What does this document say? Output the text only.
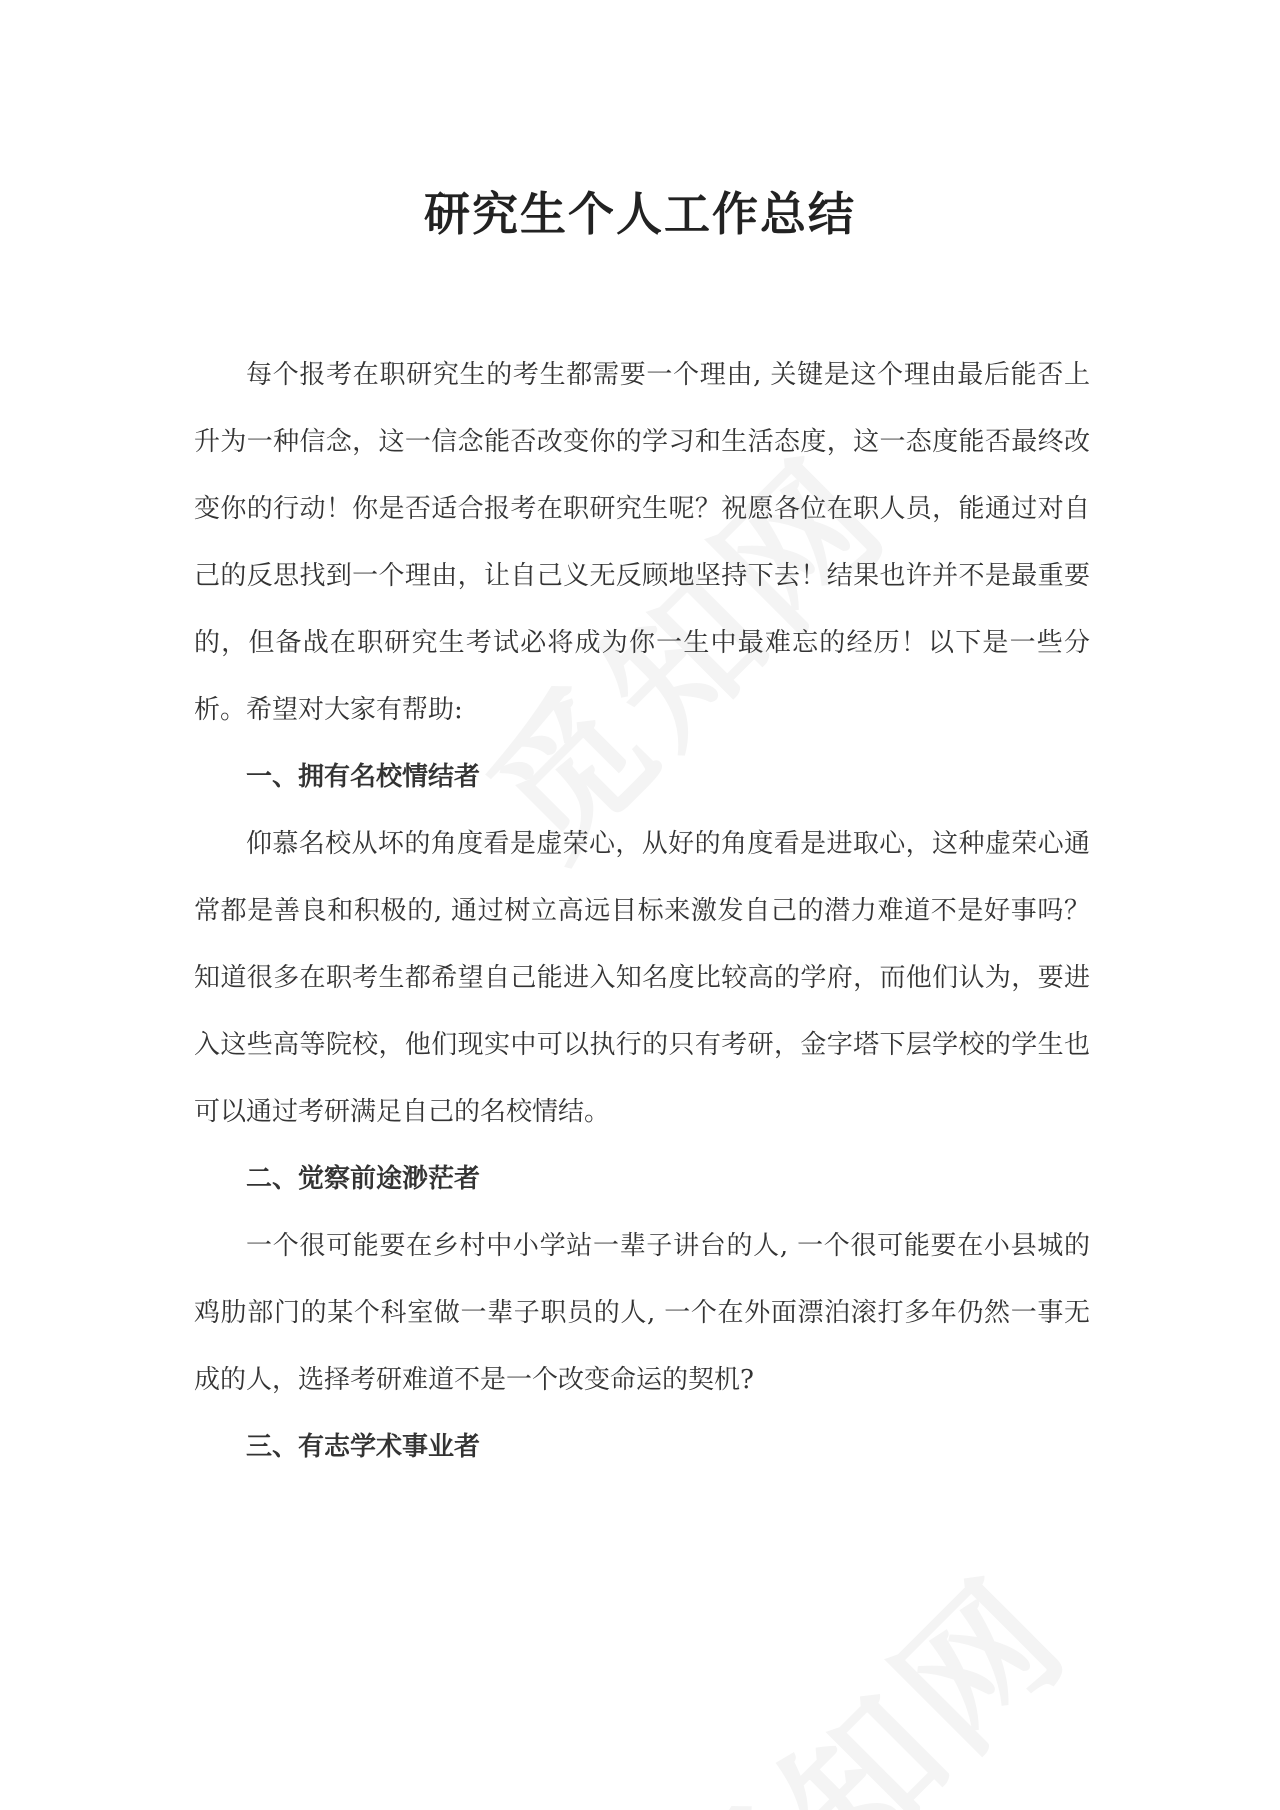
研究生个人工作总结

每个报考在职研究生的考生都需要一个理由, 关键是这个理由最后能否上升为一种信念，这一信念能否改变你的学习和生活态度，这一态度能否最终改变你的行动！你是否适合报考在职研究生呢？祝愿各位在职人员，能通过对自己的反思找到一个理由，让自己义无反顾地坚持下去！结果也许并不是最重要的，但备战在职研究生考试必将成为你一生中最难忘的经历！以下是一些分析。希望对大家有帮助:

一、拥有名校情结者

仰慕名校从坏的角度看是虚荣心，从好的角度看是进取心，这种虚荣心通常都是善良和积极的, 通过树立高远目标来激发自己的潜力难道不是好事吗？知道很多在职考生都希望自己能进入知名度比较高的学府，而他们认为，要进入这些高等院校，他们现实中可以执行的只有考研，金字塔下层学校的学生也可以通过考研满足自己的名校情结。

二、觉察前途渺茫者

一个很可能要在乡村中小学站一辈子讲台的人, 一个很可能要在小县城的鸡肋部门的某个科室做一辈子职员的人, 一个在外面漂泊滚打多年仍然一事无成的人，选择考研难道不是一个改变命运的契机?

三、有志学术事业者
